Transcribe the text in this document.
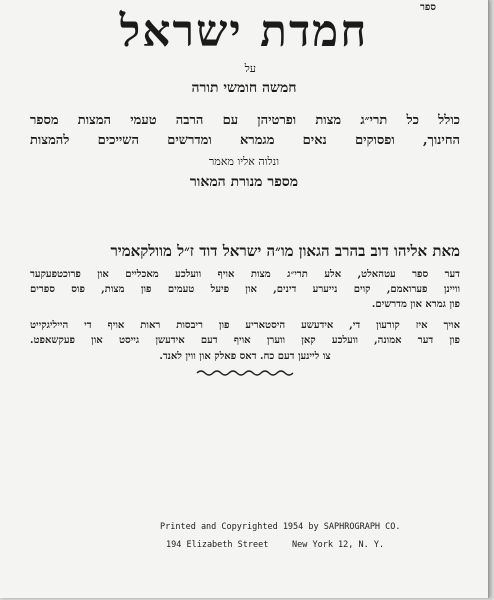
ספר
חמדת ישראל
על
חמשה חומשי תורה
כולל כל תרי״ג מצות ופרטיהן עם הרבה טעמי המצות מספר
החינוך, ופסוקים נאים מגמרא ומדרשים השייכים להמצות
ונלוה אליו מאמר
מספר מנורת המאור
מאת אליהו דוב בהרב הגאון מו״ה ישראל דוד ז״ל מוולקאמיר
דער ספר עטהאלט, אלע תרי״ג מצות אויף וועלכע מאכליים און פרוכטפעקער
וויינן פערואמם, קוים נייערע דינים, און פיעל טעמים פון מצות, פוס ספרים
פון גמרא און מדרשים.
אויך איז קורעון די, אידעשע היסטאריע פון ריבסות ראות אויף די הייליגקייט
פון דער אמונה, וועלכע קאן ווערן אויף דעם אידעשן גייסט און פעקשאפט.
צו ליינען דעם כח. דאס פאלק און ווין לאנד.
Printed and Copyrighted 1954 by SAPHROGRAPH CO.
194 Elizabeth Street	New York 12, N. Y.
